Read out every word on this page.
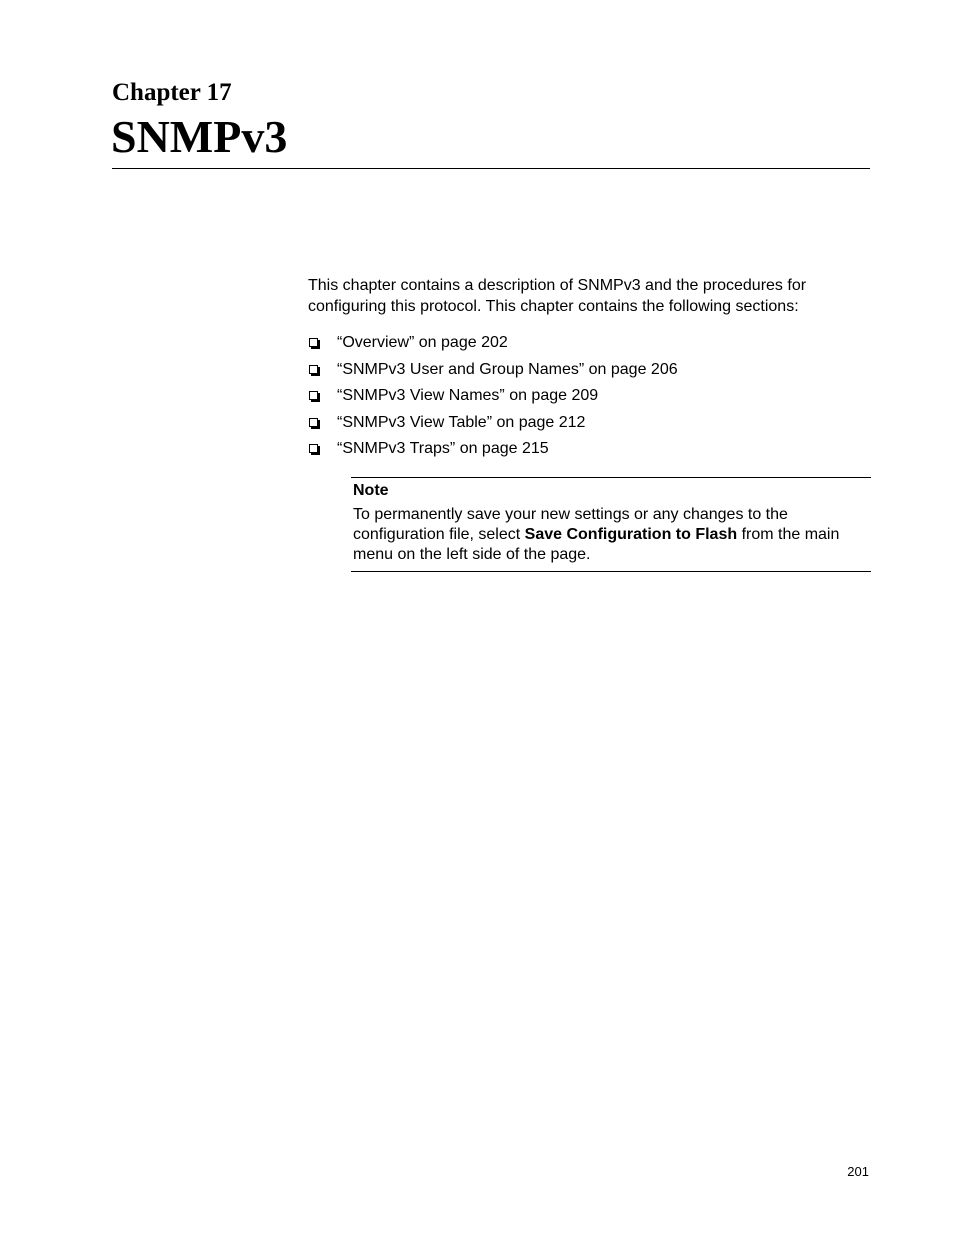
Chapter 17
SNMPv3

This chapter contains a description of SNMPv3 and the procedures for configuring this protocol. This chapter contains the following sections:

“Overview” on page 202
“SNMPv3 User and Group Names” on page 206
“SNMPv3 View Names” on page 209
“SNMPv3 View Table” on page 212
“SNMPv3 Traps” on page 215

Note

To permanently save your new settings or any changes to the configuration file, select Save Configuration to Flash from the main menu on the left side of the page.

201
